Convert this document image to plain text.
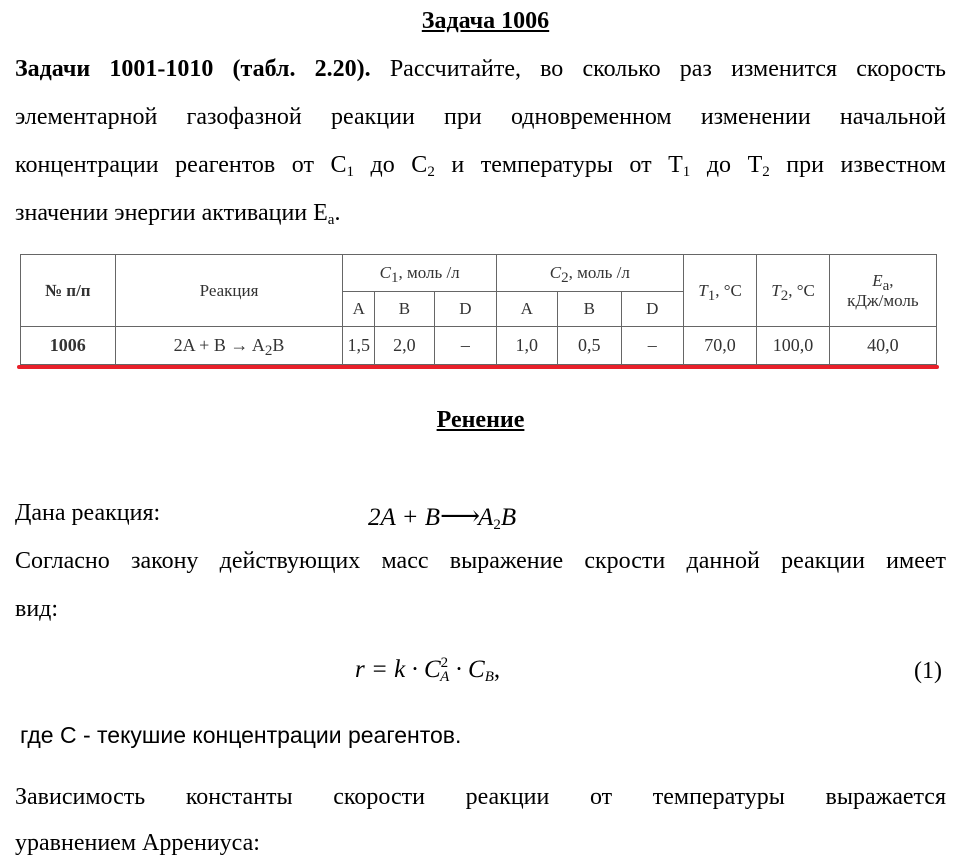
Задача 1006
Задачи 1001-1010 (табл. 2.20). Рассчитайте, во сколько раз изменится скорость
элементарной газофазной реакции при одновременном изменении начальной
концентрации реагентов от $C_1$ до $C_2$ и температуры от $T_1$ до $T_2$ при известном
значении энергии активации $E_a$.
№ п/п	Реакция	$C_1$, моль /л			$C_2$, моль /л			$T_1$, °C	$T_2$, °C	$E_a$,
кДж/моль
		A	B	D	A	B	D			
1006	$2A + B \to A_2B$	1,5	2,0	–	1,0	0,5	–	70,0	100,0	40,0
Ренение
Дана реакция:	$2A + B⟶A_2B$
Согласно закону действующих масс выражение скрости данной реакции имеет
вид:
$r = k \cdot C^2_A \cdot C_B$,	(1)
где С - текушие концентрации реагентов.
Зависимость константы скорости реакции от температуры выражается
уравнением Аррениуса:
